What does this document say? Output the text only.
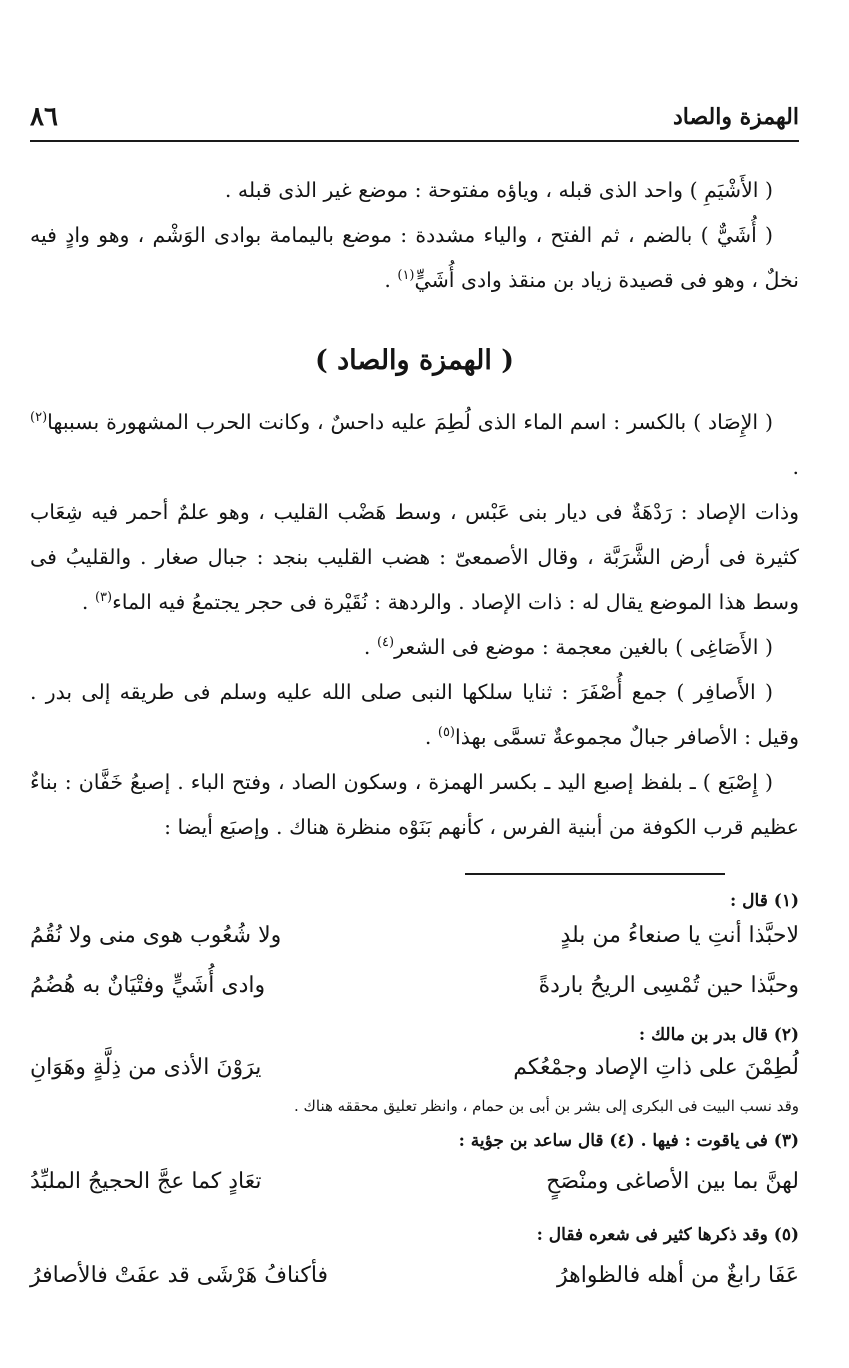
الهمزة والصاد
٨٦

( الأَشْيَمِ ) واحد الذى قبله ، وياؤه مفتوحة : موضع غير الذى قبله .

( أُشَيٌّ ) بالضم ، ثم الفتح ، والياء مشددة : موضع باليمامة بوادى الوَشْم ، وهو وادٍ فيه نخلٌ ، وهو فى قصيدة زياد بن منقذ وادى أُشَيٍّ$^{(١)}$ .

( الهمزة والصاد )

( الإِصَاد ) بالكسر : اسم الماء الذى لُطِمَ عليه داحسٌ ، وكانت الحرب المشهورة بسببها$^{(٢)}$ .

وذات الإصاد : رَدْهَةٌ فى ديار بنى عَبْس ، وسط هَضْب القليب ، وهو علمٌ أحمر فيه شِعَاب كثيرة فى أرض الشَّرَبَّة ، وقال الأصمعىّ : هضب القليب بنجد : جبال صغار . والقليبُ فى وسط هذا الموضع يقال له : ذات الإصاد . والردهة : نُقَيْرة فى حجر يجتمعُ فيه الماء$^{(٣)}$ .

( الأَصَاغِى ) بالغين معجمة : موضع فى الشعر$^{(٤)}$ .

( الأَصافِر ) جمع أُصْفَرَ : ثنايا سلكها النبى صلى الله عليه وسلم فى طريقه إلى بدر . وقيل : الأصافر جبالٌ مجموعةٌ تسمَّى بهذا$^{(٥)}$ .

( إِصْبَع ) ـ بلفظ إصبع اليد ـ بكسر الهمزة ، وسكون الصاد ، وفتح الباء . إصبعُ خَفَّان : بناءٌ عظيم قرب الكوفة من أبنية الفرس ، كأنهم بَنَوْه منظرة هناك . وإصبَع أيضا :

(١) قال :
لاحبَّذا أنتِ يا صنعاءُ من بلدٍ
ولا شُعُوب هوى منى ولا نُقُمُ
وحبَّذا حين تُمْسِى الريحُ باردةً
وادى أُشَيٍّ وفتْيَانٌ به هُضُمُ
(٢) قال بدر بن مالك :
لُطِمْنَ على ذاتِ الإصاد وجمْعُكم
يرَوْنَ الأذى من ذِلَّةٍ وهَوَانِ
وقد نسب البيت فى البكرى إلى بشر بن أبى بن حمام ، وانظر تعليق محققه هناك .
(٣) فى ياقوت : فيها . (٤) قال ساعد بن جؤية :
لهنَّ بما بين الأصاغى ومنْصَحٍ
تعَادٍ كما عجَّ الحجيجُ الملبِّدُ
(٥) وقد ذكرها كثير فى شعره فقال :
عَفَا رابغٌ من أهله فالظواهرُ
فأكنافُ هَرْشَى قد عفَتْ فالأصافرُ
